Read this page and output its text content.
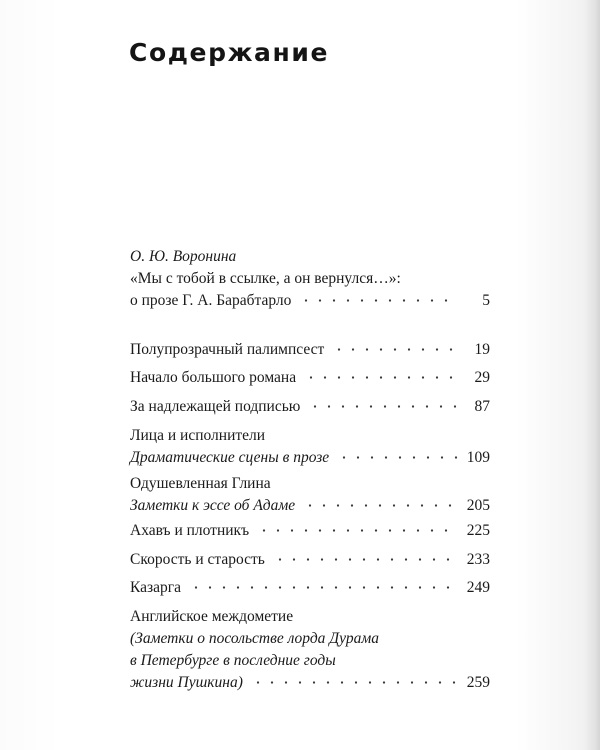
Содержание
О. Ю. Воронина
«Мы с тобой в ссылке, а он вернулся…»:
о прозе Г. А. Барабтарло	5
Полупрозрачный палимпсест	19
Начало большого романа	29
За надлежащей подписью	87
Лица и исполнители
Драматические сцены в прозе	109
Одушевленная Глина
Заметки к эссе об Адаме	205
Ахавъ и плотникъ	225
Скорость и старость	233
Казарга	249
Английское междометие
(Заметки о посольстве лорда Дурама
в Петербурге в последние годы
жизни Пушкина)	259
